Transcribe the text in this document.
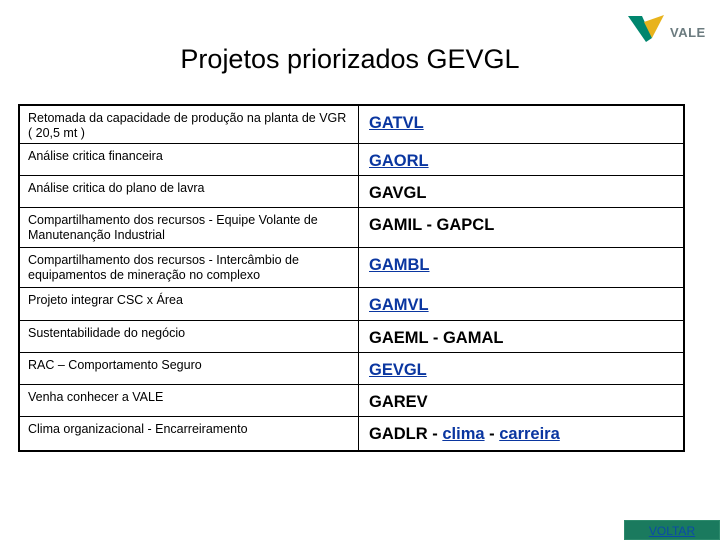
VALE
Projetos priorizados GEVGL
Retomada da capacidade de produção na planta de VGR ( 20,5 mt )	GATVL
Análise critica financeira	GAORL
Análise critica do plano de lavra	GAVGL
Compartilhamento dos recursos - Equipe Volante de Manutenanção Industrial	GAMIL - GAPCL
Compartilhamento dos recursos - Intercâmbio de equipamentos de mineração no complexo	GAMBL
Projeto integrar CSC x Área	GAMVL
Sustentabilidade do negócio	GAEML - GAMAL
RAC – Comportamento Seguro	GEVGL
Venha conhecer a VALE	GAREV
Clima organizacional - Encarreiramento	GADLR - clima - carreira
VOLTAR
